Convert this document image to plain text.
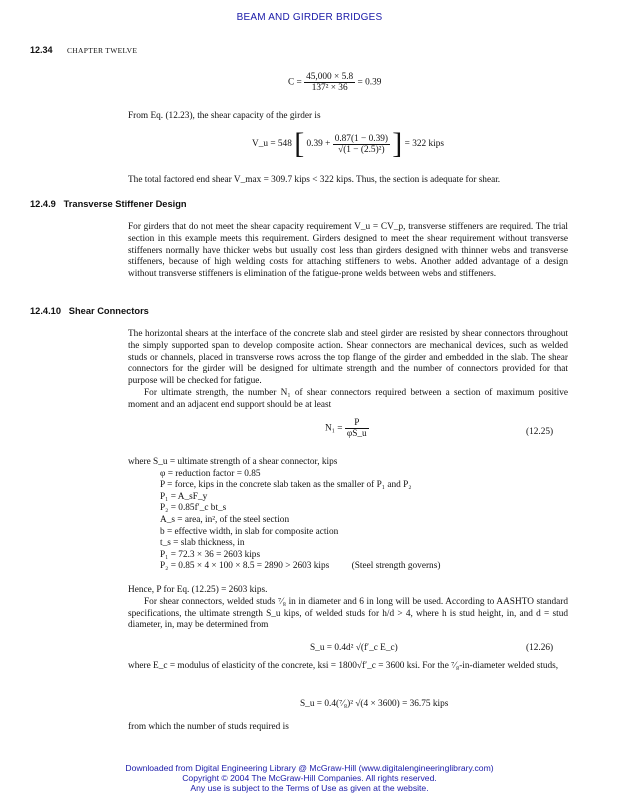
BEAM AND GIRDER BRIDGES
12.34 CHAPTER TWELVE
$C = \frac{45,000 \times 5.8}{\text{137² × 36}} = 0.39$
From Eq. (12.23), the shear capacity of the girder is
V_u = 548 [ $0.39 + \frac{0.87(1 - 0.39)}{\text{√(1 − (2.5)²)}}$ ] = 322 kips
The total factored end shear V_max = 309.7 kips < 322 kips. Thus, the section is adequate for shear.
12.4.9 Transverse Stiffener Design
For girders that do not meet the shear capacity requirement V_u = CV_p, transverse stiffeners are required. The trial section in this example meets this requirement. Girders designed to meet the shear requirement without transverse stiffeners normally have thicker webs but usually cost less than girders designed with thinner webs and transverse stiffeners, because of high welding costs for attaching stiffeners to webs. Another added advantage of a design without transverse stiffeners is elimination of the fatigue-prone welds between webs and stiffeners.
12.4.10 Shear Connectors

The horizontal shears at the interface of the concrete slab and steel girder are resisted by shear connectors throughout the simply supported span to develop composite action. Shear connectors are mechanical devices, such as welded studs or channels, placed in transverse rows across the top flange of the girder and embedded in the slab. The shear connectors for the girder will be designed for ultimate strength and the number of connectors provided for that purpose will be checked for fatigue.

For ultimate strength, the number N₁ of shear connectors required between a section of maximum positive moment and an adjacent end support should be at least

$N_1 = \frac{P}{\varphi S\_u}$	(12.25)
where S_u = ultimate strength of a shear connector, kips
φ = reduction factor = 0.85
P = force, kips in the concrete slab taken as the smaller of P₁ and P₂
P₁ = A_sF_y
P₂ = 0.85f′_c bt_s
A_s = area, in², of the steel section
b = effective width, in slab for composite action
t_s = slab thickness, in
P₁ = 72.3 × 36 = 2603 kips
P₂ = 0.85 × 4 × 100 × 8.5 = 2890 > 2603 kips (Steel strength governs)

Hence, P for Eq. (12.25) = 2603 kips.

For shear connectors, welded studs ⁷⁄₈ in in diameter and 6 in long will be used. According to AASHTO standard specifications, the ultimate strength S_u kips, of welded studs for h/d > 4, where h is stud height, in, and d = stud diameter, in, may be determined from

S_u = 0.4d² √(f′_c E_c)	(12.26)
where E_c = modulus of elasticity of the concrete, ksi = 1800√f′_c = 3600 ksi. For the ⁷⁄₈-in-diameter welded studs,
S_u = 0.4(⁷⁄₈)² √(4 × 3600) = 36.75 kips
from which the number of studs required is
Downloaded from Digital Engineering Library @ McGraw-Hill (www.digitalengineeringlibrary.com)
Copyright © 2004 The McGraw-Hill Companies. All rights reserved.
Any use is subject to the Terms of Use as given at the website.
